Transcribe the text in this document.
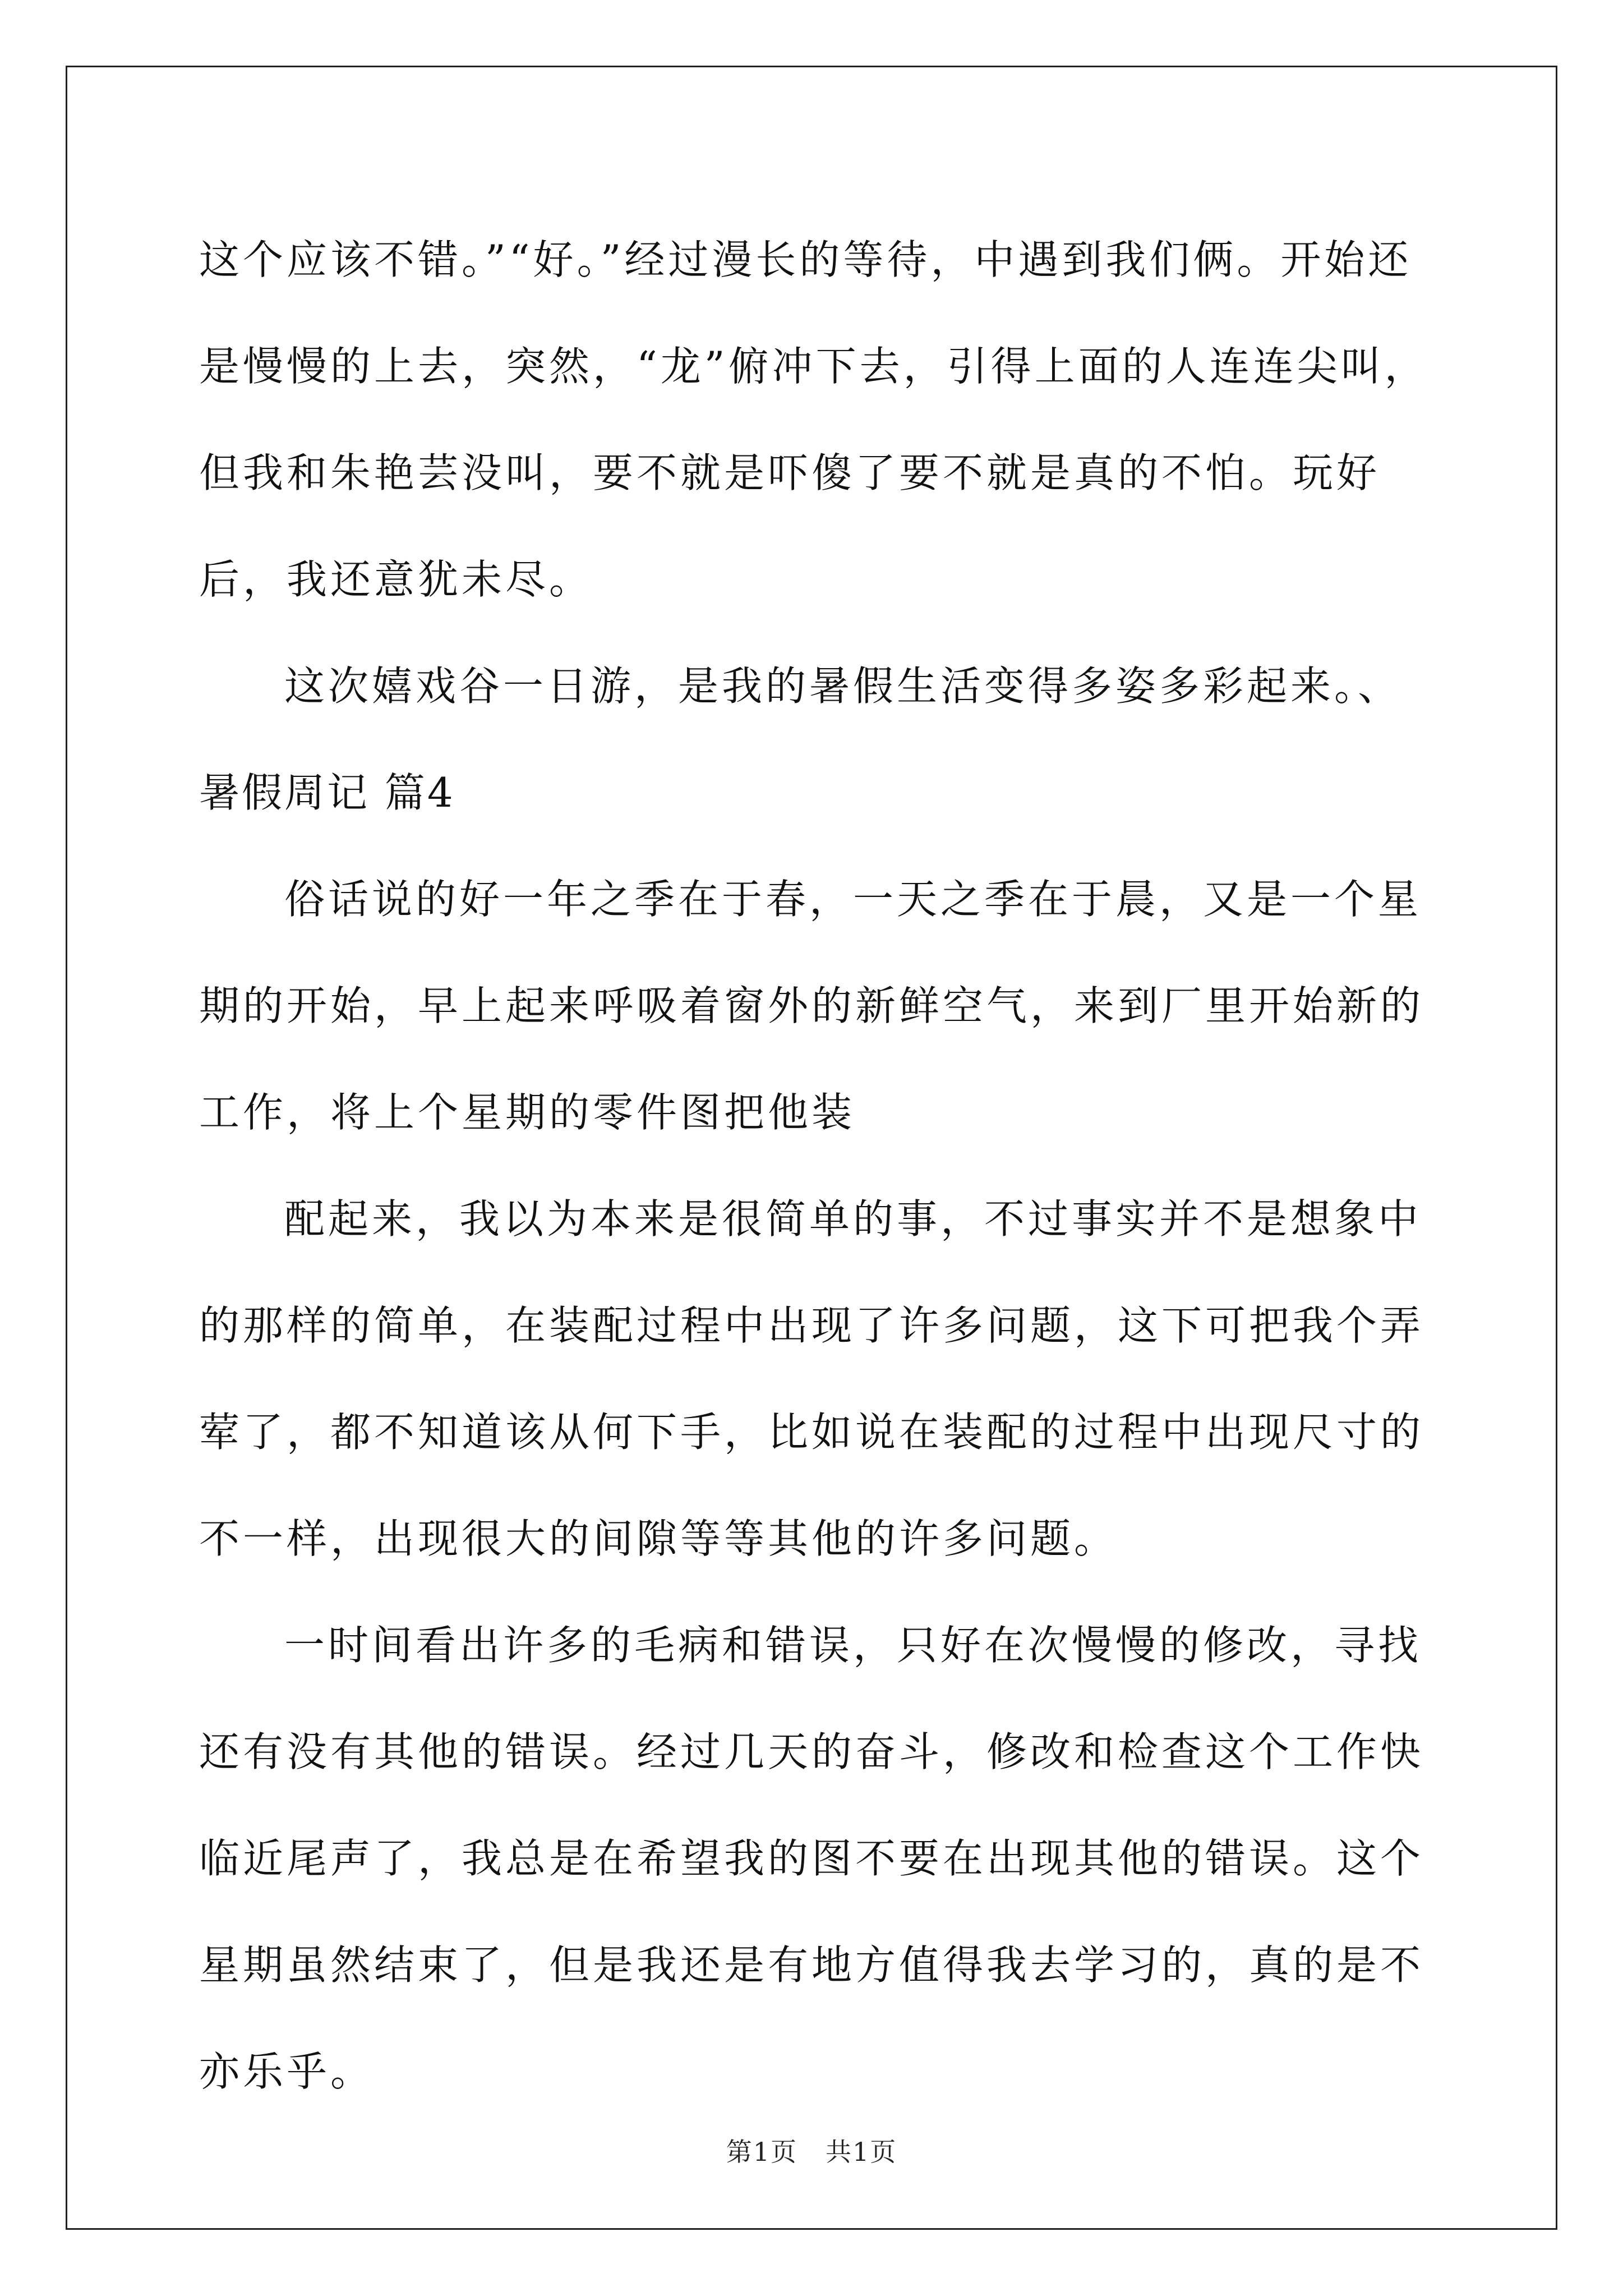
这个应该不错。”“好。”经过漫长的等待，中遇到我们俩。开始还是慢慢的上去，突然，“龙”俯冲下去，引得上面的人连连尖叫，但我和朱艳芸没叫，要不就是吓傻了要不就是真的不怕。玩好后，我还意犹未尽。

这次嬉戏谷一日游，是我的暑假生活变得多姿多彩起来。、

暑假周记 篇4

俗话说的好一年之季在于春，一天之季在于晨，又是一个星期的开始，早上起来呼吸着窗外的新鲜空气，来到厂里开始新的工作，将上个星期的零件图把他装

配起来，我以为本来是很简单的事，不过事实并不是想象中的那样的简单，在装配过程中出现了许多问题，这下可把我个弄荤了，都不知道该从何下手，比如说在装配的过程中出现尺寸的不一样，出现很大的间隙等等其他的许多问题。

一时间看出许多的毛病和错误，只好在次慢慢的修改，寻找还有没有其他的错误。经过几天的奋斗，修改和检查这个工作快临近尾声了，我总是在希望我的图不要在出现其他的错误。这个星期虽然结束了，但是我还是有地方值得我去学习的，真的是不亦乐乎。

第1页 共1页
